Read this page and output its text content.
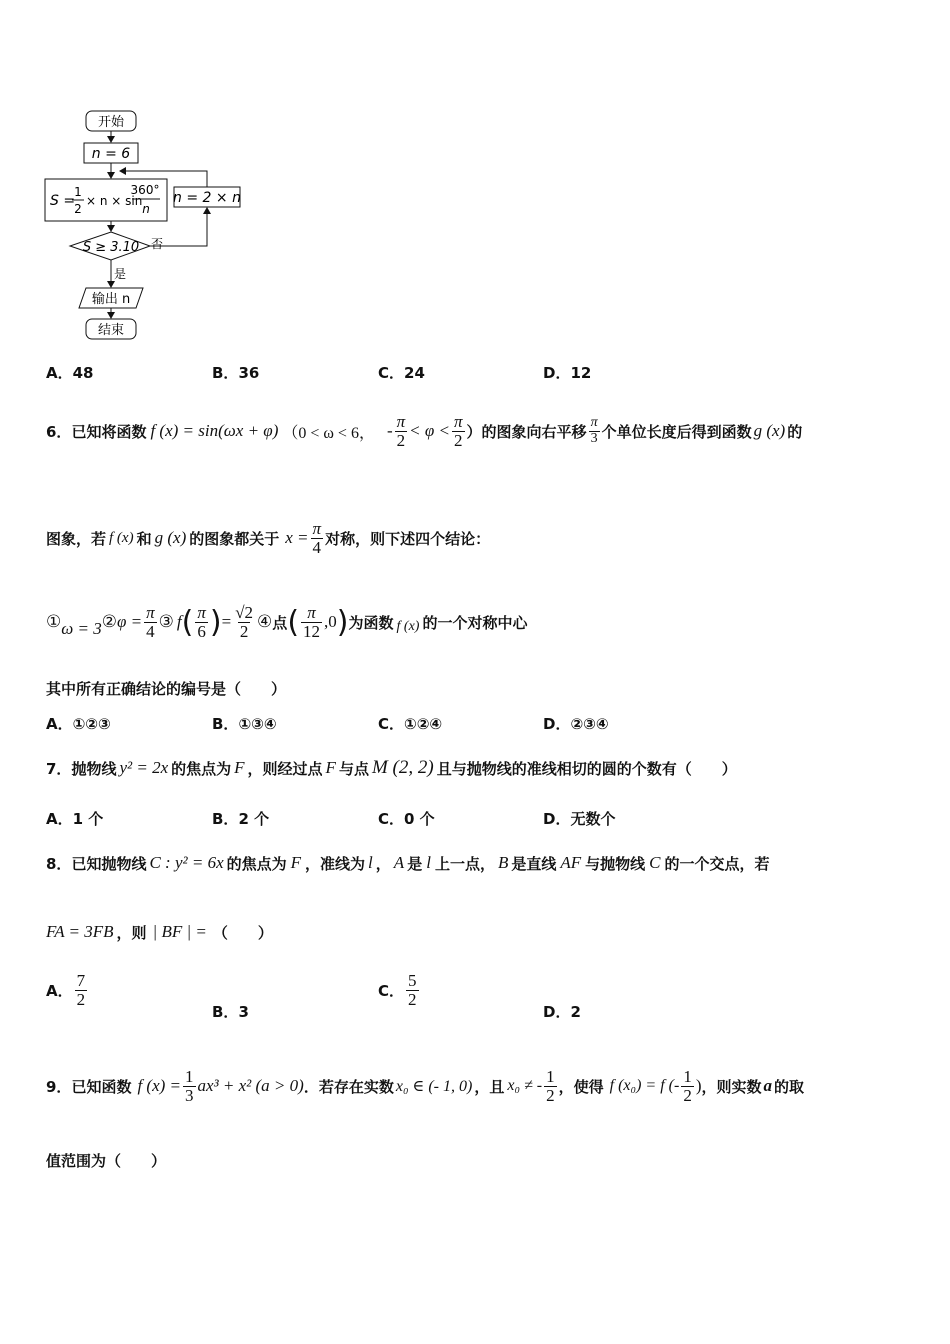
开始
n = 6
S =
1
2
× n × sin
360°
n
n = 2 × n
S ≥ 3.10 否
是
输出 n
结束
A．48	B．36	C．24	D．12
6． 已知将函数 f (x) = sin(ωx + φ) （0 < ω < 6， - $\frac{\pi}{2} < \varphi < \frac{\pi}{2}$ ）的图象向右平移 $\frac{\pi}{3}$ 个单位长度后得到函数 g (x) 的
图象，若 f (x) 和 g (x) 的图象都关于 $x = \frac{\pi}{4}$ 对称，则下述四个结论：
① ω = 3 ② $\varphi = \frac{\pi}{4}$ ③ f ( $\frac{\pi}{6}$ ) = $\frac{√2}{2}$ ④ 点 ( $\frac{\pi}{12} ,0$ ) 为函数 f (x) 的一个对称中心
其中所有正确结论的编号是（　　）
A．①②③	B．①③④	C．①②④	D．②③④
7． 抛物线 y² = 2x 的焦点为 F ，则经过点 F 与点 M (2, 2) 且与抛物线的准线相切的圆的个数有（　　）
A．1 个	B．2 个	C．0 个	D．无数个
8． 已知抛物线 C : y² = 6x 的焦点为 F ，准线为 l ， A 是 l 上一点， B 是直线 AF 与抛物线 C 的一个交点，若
FA = 3FB ，则 | BF | = （　　）
A． $\frac{7}{2}$
B．3
C． $\frac{5}{2}$
D．2
9． 已知函数 f $(x) = \frac{1}{3} ax^3 + x^2$ (a > 0) ．若存在实数 x₀ ∈ (- 1, 0) ，且 x₀ ≠ - $\frac{1}{2}$ ，使得 f (x₀) = f (- $\frac{1}{2}$ ) ，则实数 a 的取
值范围为（　　）
